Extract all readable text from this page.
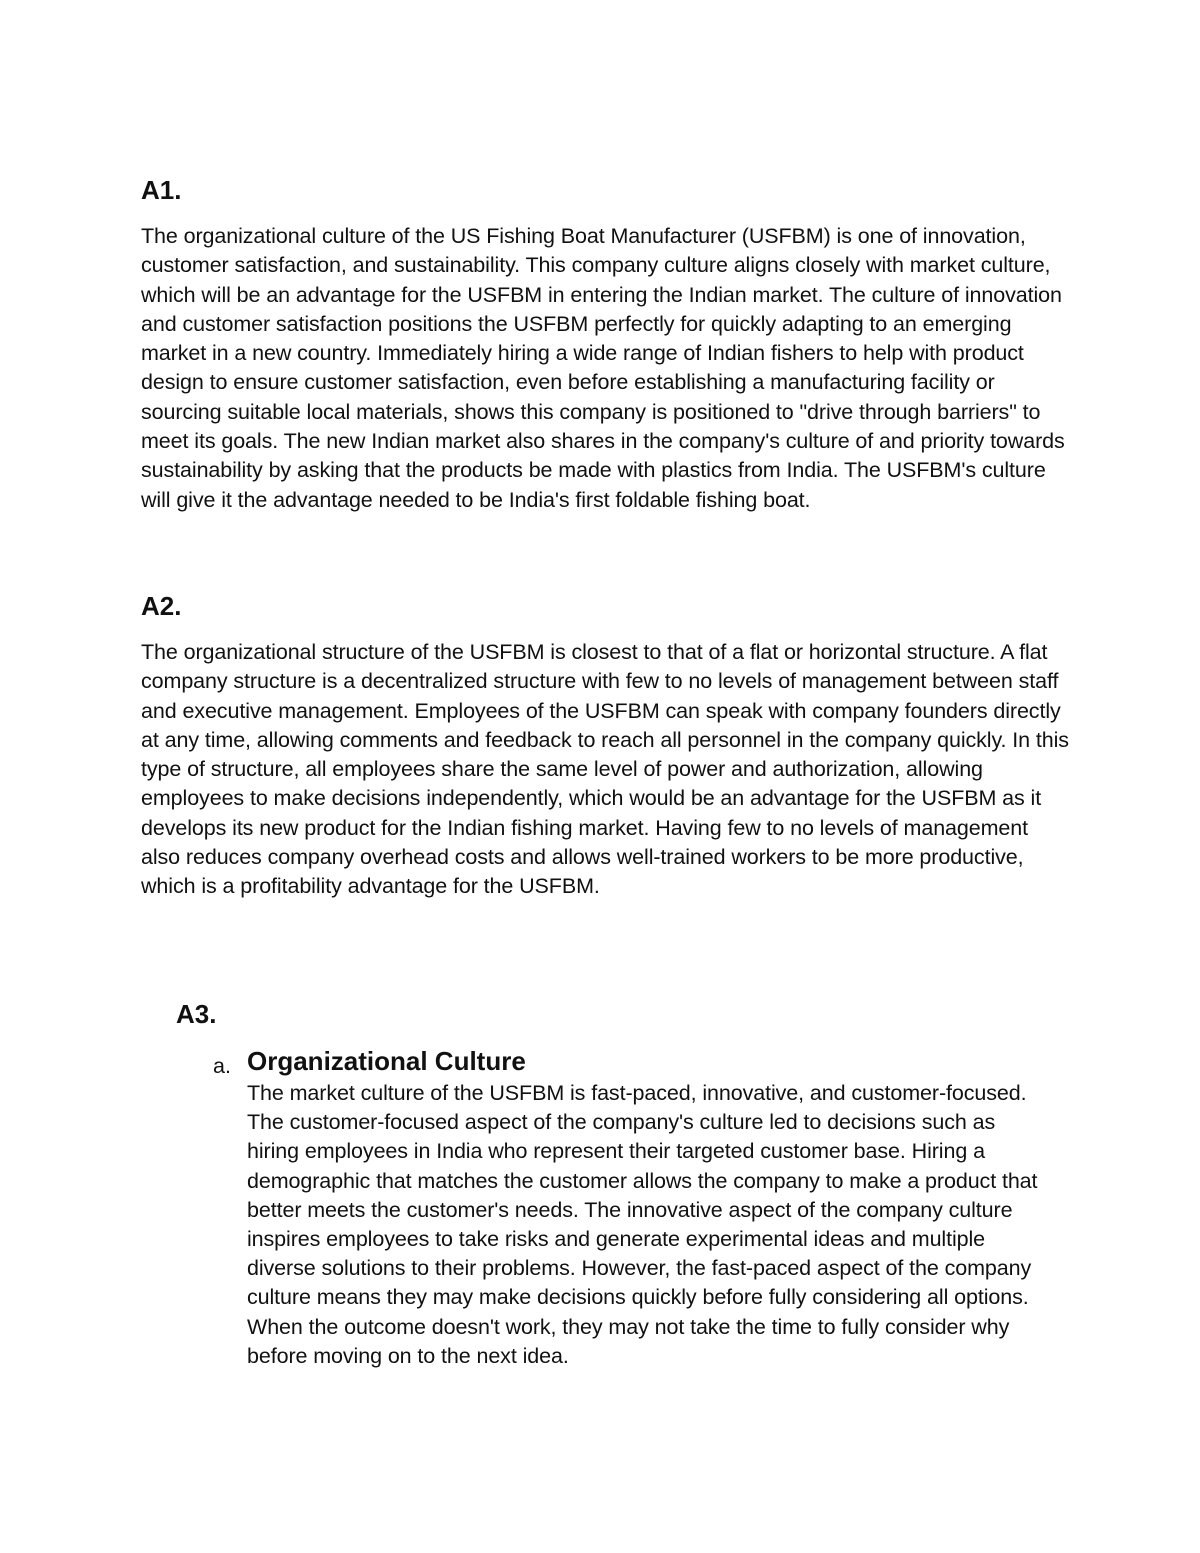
A1.

The organizational culture of the US Fishing Boat Manufacturer (USFBM) is one of innovation, customer satisfaction, and sustainability. This company culture aligns closely with market culture, which will be an advantage for the USFBM in entering the Indian market. The culture of innovation and customer satisfaction positions the USFBM perfectly for quickly adapting to an emerging market in a new country. Immediately hiring a wide range of Indian fishers to help with product design to ensure customer satisfaction, even before establishing a manufacturing facility or sourcing suitable local materials, shows this company is positioned to "drive through barriers" to meet its goals. The new Indian market also shares in the company's culture of and priority towards sustainability by asking that the products be made with plastics from India. The USFBM's culture will give it the advantage needed to be India's first foldable fishing boat.

A2.

The organizational structure of the USFBM is closest to that of a flat or horizontal structure. A flat company structure is a decentralized structure with few to no levels of management between staff and executive management. Employees of the USFBM can speak with company founders directly at any time, allowing comments and feedback to reach all personnel in the company quickly. In this type of structure, all employees share the same level of power and authorization, allowing employees to make decisions independently, which would be an advantage for the USFBM as it develops its new product for the Indian fishing market. Having few to no levels of management also reduces company overhead costs and allows well-trained workers to be more productive, which is a profitability advantage for the USFBM.

A3.
a. Organizational Culture

The market culture of the USFBM is fast-paced, innovative, and customer-focused. The customer-focused aspect of the company's culture led to decisions such as hiring employees in India who represent their targeted customer base. Hiring a demographic that matches the customer allows the company to make a product that better meets the customer's needs. The innovative aspect of the company culture inspires employees to take risks and generate experimental ideas and multiple diverse solutions to their problems. However, the fast-paced aspect of the company culture means they may make decisions quickly before fully considering all options. When the outcome doesn't work, they may not take the time to fully consider why before moving on to the next idea.
